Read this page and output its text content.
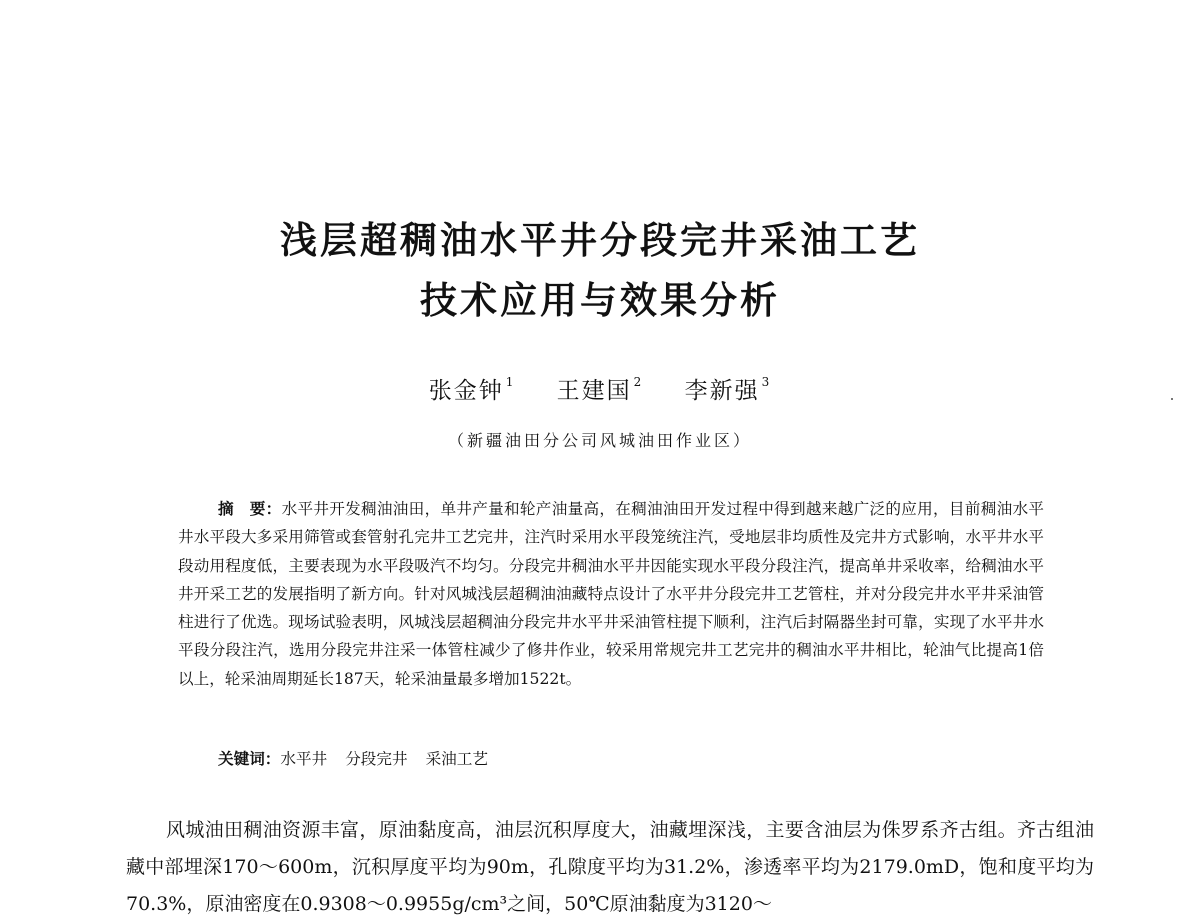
浅层超稠油水平井分段完井采油工艺
技术应用与效果分析
张金钟 $^1$ 王建国 $^2$ 李新强 $^3$
（新疆油田分公司风城油田作业区）

摘　要：水平井开发稠油油田，单井产量和轮产油量高，在稠油油田开发过程中得到越来越广泛的应用，目前稠油水平井水平段大多采用筛管或套管射孔完井工艺完井，注汽时采用水平段笼统注汽，受地层非均质性及完井方式影响，水平井水平段动用程度低，主要表现为水平段吸汽不均匀。分段完井稠油水平井因能实现水平段分段注汽，提高单井采收率，给稠油水平井开采工艺的发展指明了新方向。针对风城浅层超稠油油藏特点设计了水平井分段完井工艺管柱，并对分段完井水平井采油管柱进行了优选。现场试验表明，风城浅层超稠油分段完井水平井采油管柱提下顺利，注汽后封隔器坐封可靠，实现了水平井水平段分段注汽，选用分段完井注采一体管柱减少了修井作业，较采用常规完井工艺完井的稠油水平井相比，轮油气比提高1倍以上，轮采油周期延长187天，轮采油量最多增加1522t。

关键词：水平井 分段完井 采油工艺

风城油田稠油资源丰富，原油黏度高，油层沉积厚度大，油藏埋深浅，主要含油层为侏罗系齐古组。齐古组油藏中部埋深170～600m，沉积厚度平均为90m，孔隙度平均为31.2%，渗透率平均为2179.0mD，饱和度平均为70.3%，原油密度在0.9308～0.9955g/cm³之间，50℃原油黏度为3120～
